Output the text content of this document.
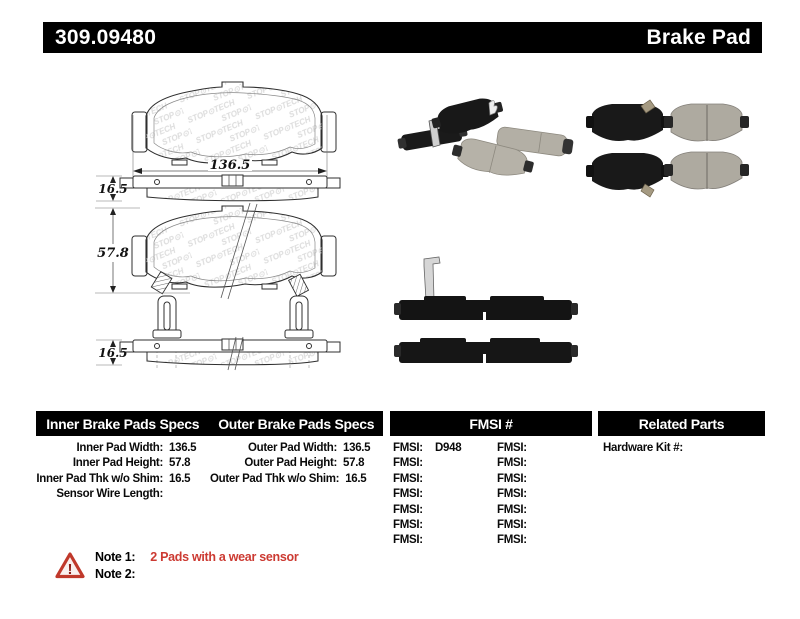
309.09480	Brake Pad
136.5
16.5
57.8
16.5
Inner Brake Pads Specs	Outer Brake Pads Specs	FMSI #	Related Parts
Inner Pad Width: 136.5
Inner Pad Height: 57.8
Inner Pad Thk w/o Shim: 16.5
Sensor Wire Length:
Outer Pad Width: 136.5
Outer Pad Height: 57.8
Outer Pad Thk w/o Shim: 16.5
FMSI:	D948
FMSI:
FMSI:
FMSI:
FMSI:
FMSI:
FMSI:
FMSI:
FMSI:
FMSI:
FMSI:
FMSI:
FMSI:
FMSI:
Hardware Kit #:
!
Note 1: 2 Pads with a wear sensor
Note 2:
